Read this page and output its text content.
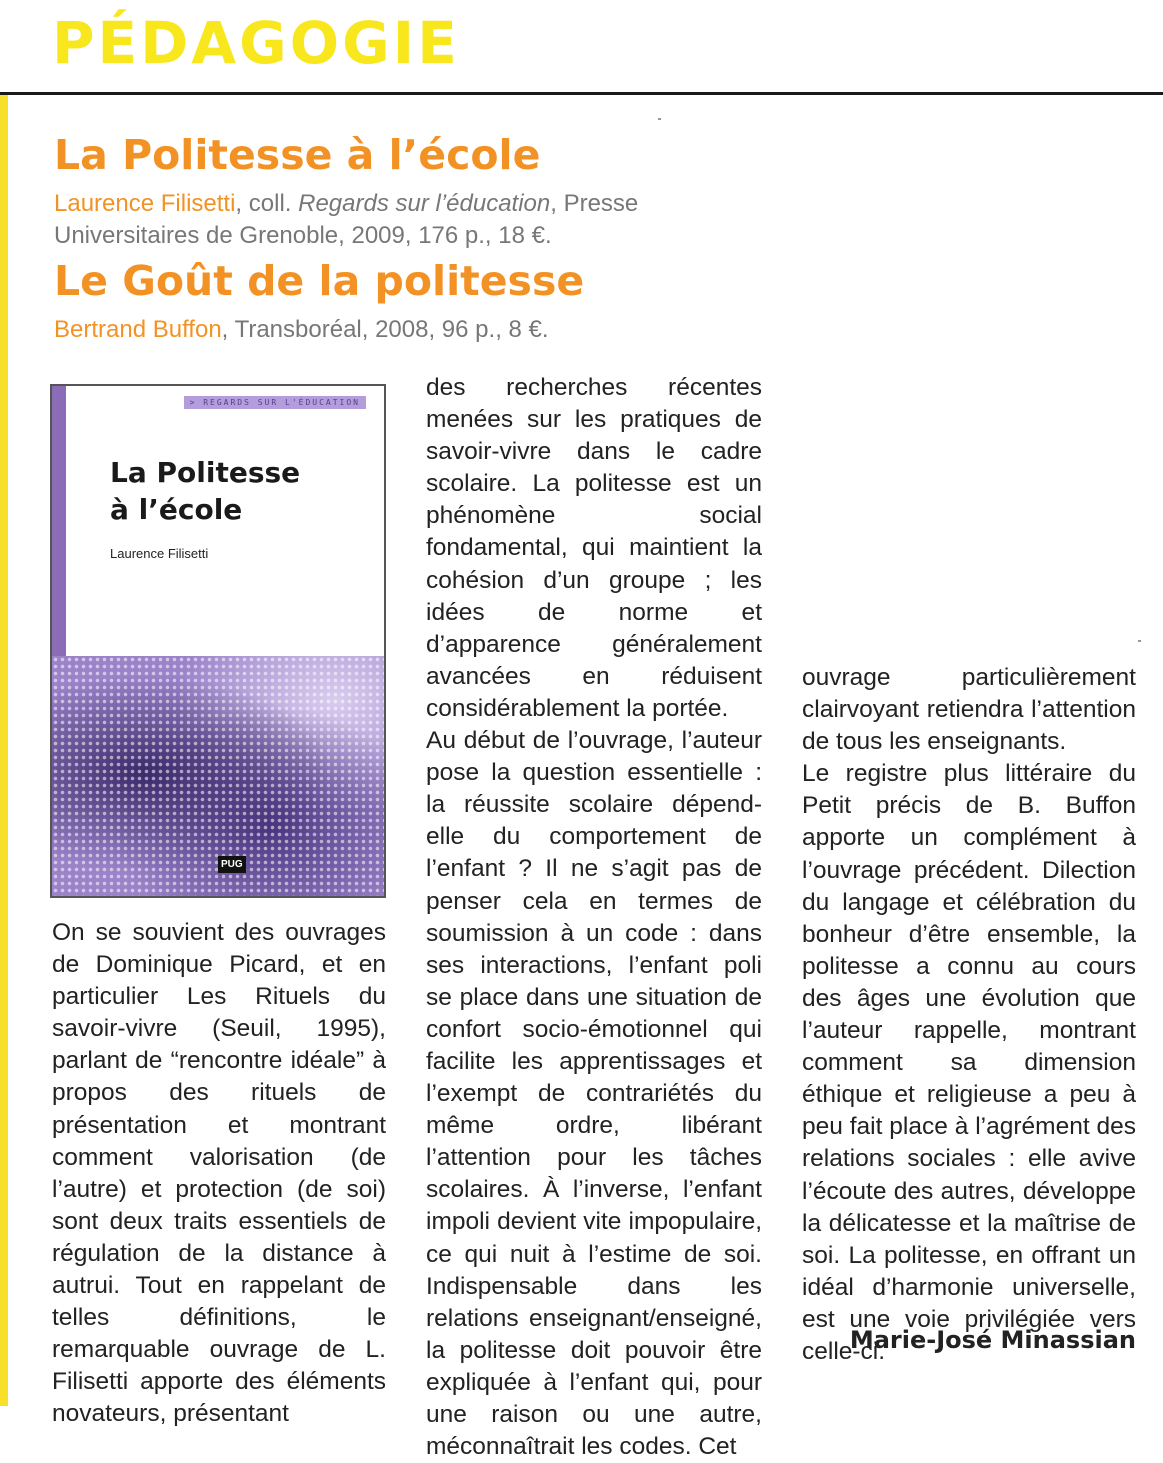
PÉDAGOGIE
La Politesse à l’école

Laurence Filisetti, coll. Regards sur l’éducation, Presse Universitaires de Grenoble, 2009, 176 p., 18 €.

Le Goût de la politesse

Bertrand Buffon, Transboréal, 2008, 96 p., 8 €.

> REGARDS SUR L'ÉDUCATION
La Politesse
à l’école
Laurence Filisetti
PUG

On se souvient des ouvrages de Dominique Picard, et en particulier Les Rituels du savoir-vivre (Seuil, 1995), parlant de “rencontre idéale” à propos des rituels de présentation et montrant comment valorisation (de l’autre) et protection (de soi) sont deux traits essentiels de régulation de la distance à autrui. Tout en rappelant de telles définitions, le remarquable ouvrage de L. Filisetti apporte des éléments novateurs, présentant

des recherches récentes menées sur les pratiques de savoir-vivre dans le cadre scolaire. La politesse est un phénomène social fondamental, qui maintient la cohésion d’un groupe ; les idées de norme et d’apparence généralement avancées en réduisent considérablement la portée.
Au début de l’ouvrage, l’auteur pose la question essentielle : la réussite scolaire dépend-elle du comportement de l’enfant ? Il ne s’agit pas de penser cela en termes de soumission à un code : dans ses interactions, l’enfant poli se place dans une situation de confort socio-émotionnel qui facilite les apprentissages et l’exempt de contrariétés du même ordre, libérant l’attention pour les tâches scolaires. À l’inverse, l’enfant impoli devient vite impopulaire, ce qui nuit à l’estime de soi. Indispensable dans les relations enseignant/enseigné, la politesse doit pouvoir être expliquée à l’enfant qui, pour une raison ou une autre, méconnaîtrait les codes. Cet

ouvrage particulièrement clairvoyant retiendra l’attention de tous les enseignants.
Le registre plus littéraire du Petit précis de B. Buffon apporte un complément à l’ouvrage précédent. Dilection du langage et célébration du bonheur d’être ensemble, la politesse a connu au cours des âges une évolution que l’auteur rappelle, montrant comment sa dimension éthique et religieuse a peu à peu fait place à l’agrément des relations sociales : elle avive l’écoute des autres, développe la délicatesse et la maîtrise de soi. La politesse, en offrant un idéal d’harmonie universelle, est une voie privilégiée vers celle-ci.

Marie-José Minassian
